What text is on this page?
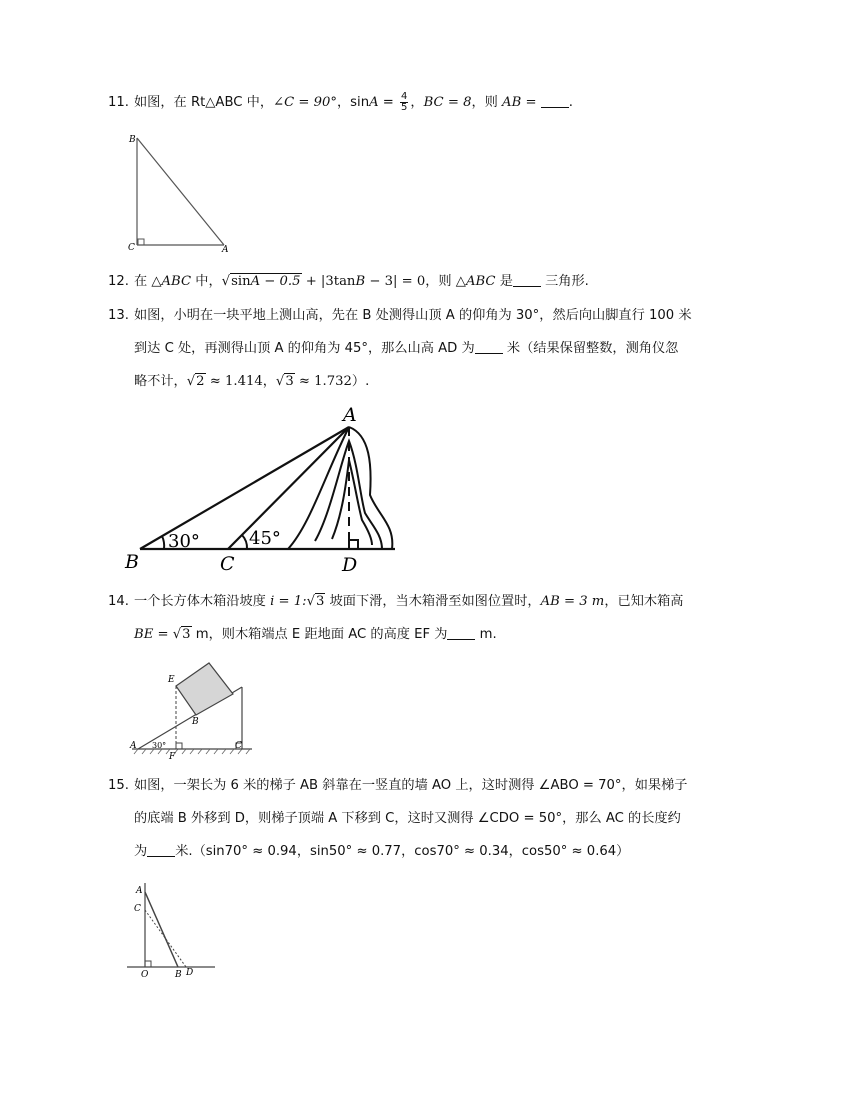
11. 如图，在 Rt△ABC 中，∠C = 90°，$\sin A = \frac{4}{5}$ ，BC = 8，则 AB = .
B
C	A
12. 在 △ABC 中，√sinA − 0.5 + |3tanB − 3| = 0，则 △ABC 是 三角形.
13. 如图，小明在一块平地上测山高，先在 B 处测得山顶 A 的仰角为 30°，然后向山脚直行 100 米

到达 C 处，再测得山顶 A 的仰角为 45°，那么山高 AD 为 米（结果保留整数，测角仪忽
略不计，√2 ≈ 1.414，√3 ≈ 1.732）.
A
B	C	D
30°	45°
14. 一个长方体木箱沿坡度 i = 1:√3 坡面下滑，当木箱滑至如图位置时，AB = 3 m，已知木箱高
BE = √3 m，则木箱端点 E 距地面 AC 的高度 EF 为 m.
E
B
A
F
C
30°
15. 如图，一架长为 6 米的梯子 AB 斜靠在一竖直的墙 AO 上，这时测得 ∠ABO = 70°，如果梯子
的底端 B 外移到 D，则梯子顶端 A 下移到 C，这时又测得 ∠CDO = 50°，那么 AC 的长度约
为 米.（sin70° ≈ 0.94，sin50° ≈ 0.77，cos70° ≈ 0.34，cos50° ≈ 0.64）
A
C
O	B D
